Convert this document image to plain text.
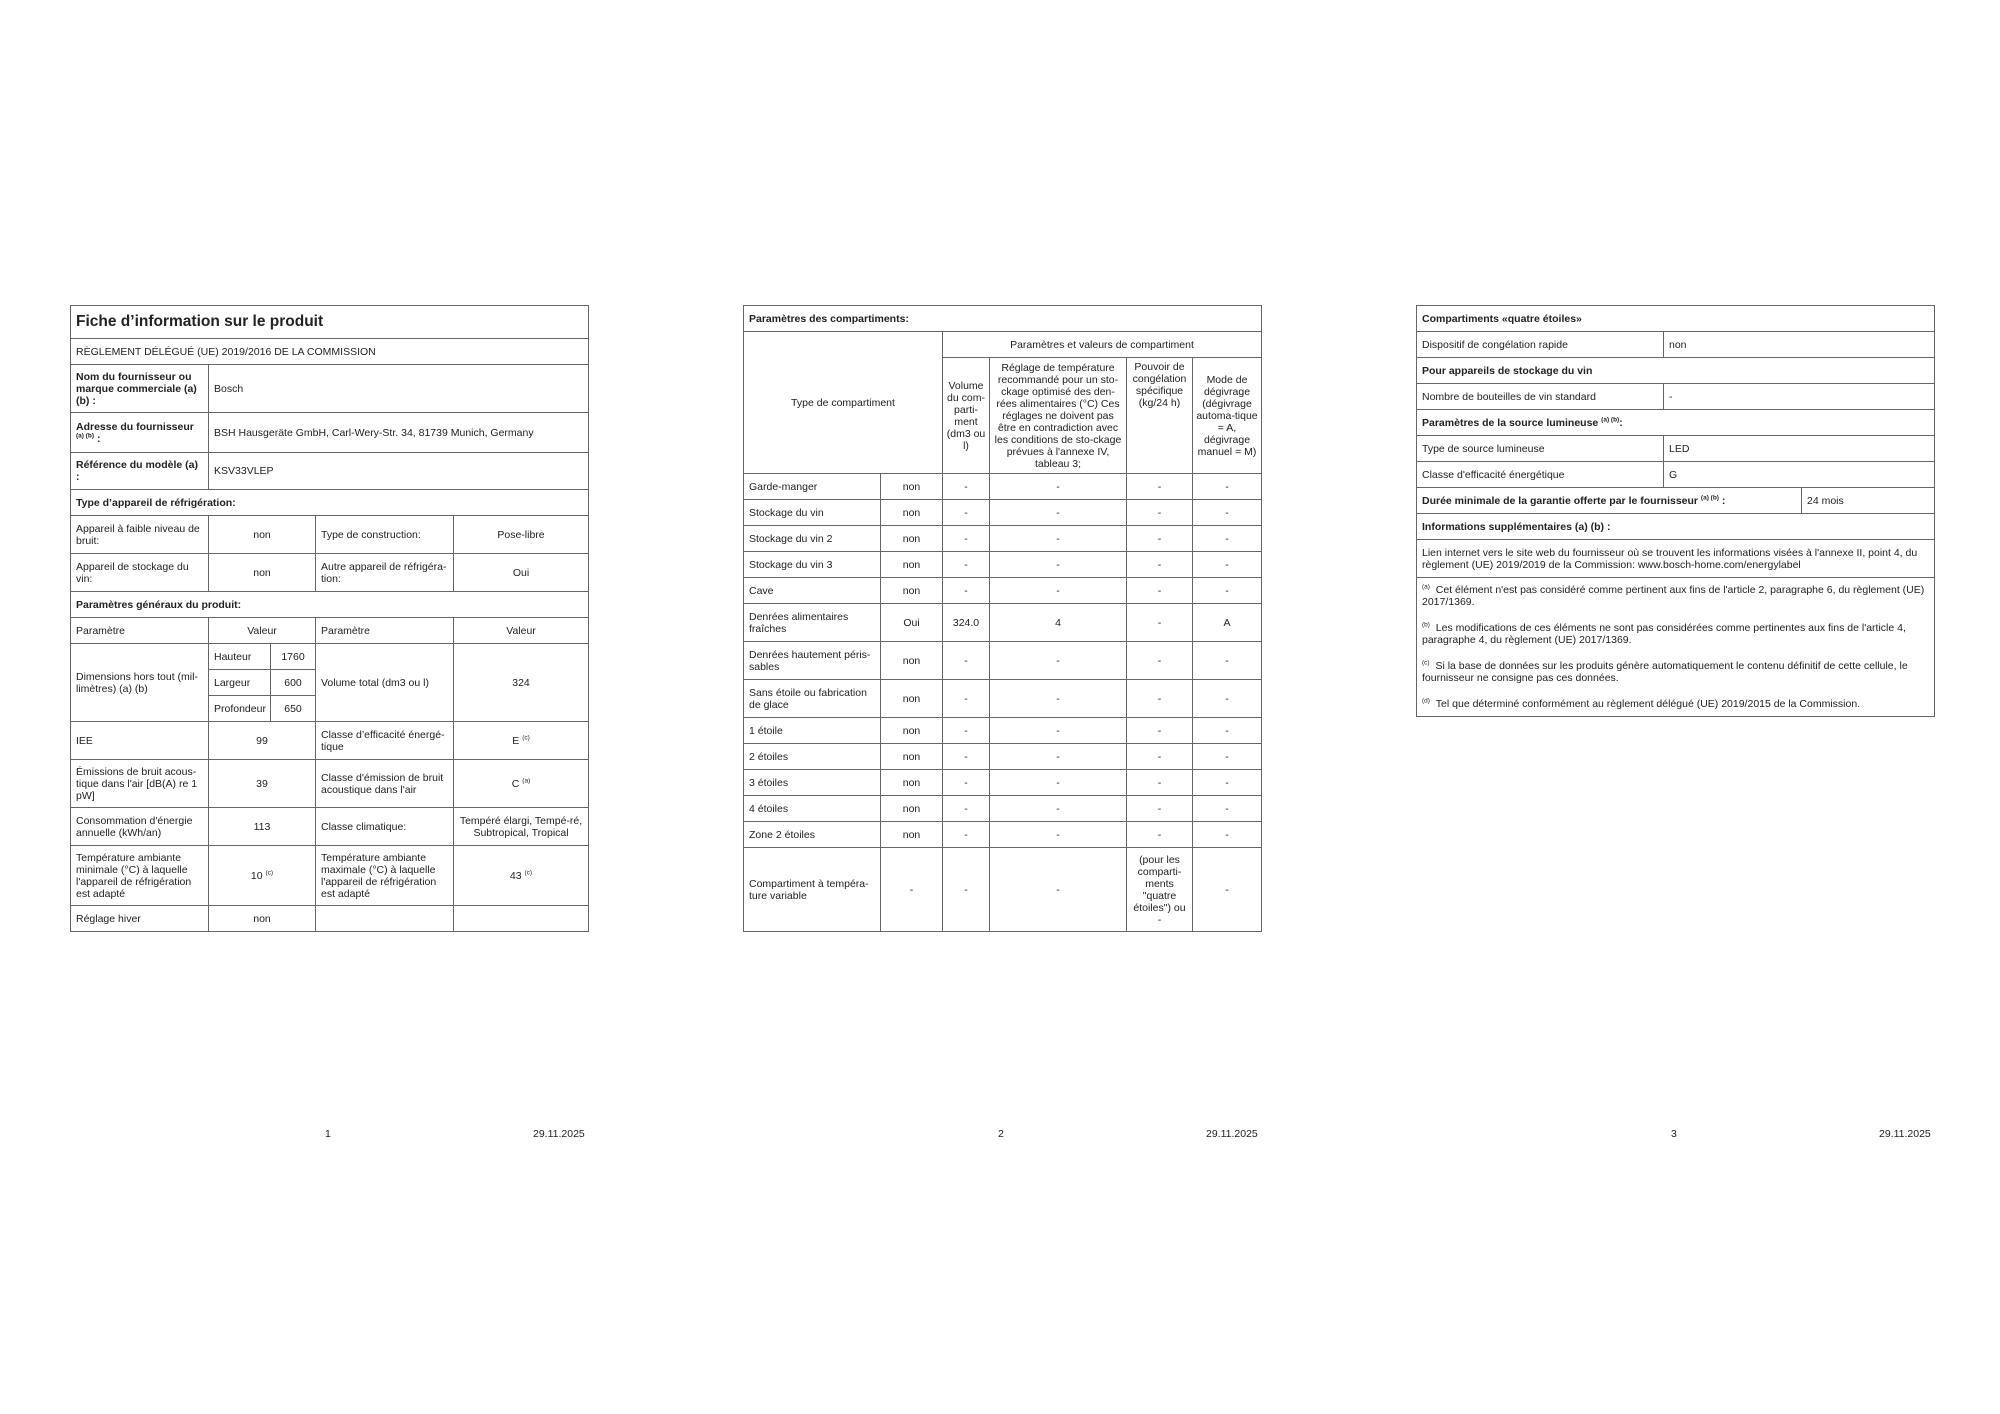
Fiche d’information sur le produit				
RÈGLEMENT DÉLÉGUÉ (UE) 2019/2016 DE LA COMMISSION				
Nom du fournisseur ou marque commerciale (a) (b) :	Bosch			
Adresse du fournisseur $^{(a) (b)}$ :	BSH Hausgeräte GmbH, Carl-Wery-Str. 34, 81739 Munich, Germany			
Référence du modèle (a) :	KSV33VLEP			
Type d’appareil de réfrigération:				
Appareil à faible niveau de bruit:	non		Type de construction:	Pose-libre
Appareil de stockage du vin:	non		Autre appareil de réfrigéra-tion:	Oui
Paramètres généraux du produit:				
Paramètre	Valeur		Paramètre	Valeur
Dimensions hors tout (mil-limètres) (a) (b)	Hauteur	1760	Volume total (dm3 ou l)	324
	Largeur	600		
	Profondeur	650		
IEE	99		Classe d’efficacité énergé-tique	E $^{(c)}$
Émissions de bruit acous-tique dans l'air [dB(A) re 1 pW]	39		Classe d'émission de bruit acoustique dans l'air	C $^{(a)}$
Consommation d'énergie annuelle (kWh/an)	113		Classe climatique:	Tempéré élargi, Tempé-ré, Subtropical, Tropical
Température ambiante minimale (°C) à laquelle l'appareil de réfrigération est adapté	10 $^{(c)}$		Température ambiante maximale (°C) à laquelle l'appareil de réfrigération est adapté	43 $^{(c)}$
Réglage hiver	non			
1	29.11.2025
Paramètres des compartiments:					
Type de compartiment		Paramètres et valeurs de compartiment			
		Volume du com-parti-ment (dm3 ou l)	Réglage de température recommandé pour un sto-ckage optimisé des den-rées alimentaires (°C) Ces réglages ne doivent pas être en contradiction avec les conditions de sto-ckage prévues à l'annexe IV, tableau 3;	Pouvoir de congélation spécifique (kg/24 h)	Mode de dégivrage (dégivrage automa-tique = A, dégivrage manuel = M)
Garde-manger	non	-	-	-	-
Stockage du vin	non	-	-	-	-
Stockage du vin 2	non	-	-	-	-
Stockage du vin 3	non	-	-	-	-
Cave	non	-	-	-	-
Denrées alimentaires fraîches	Oui	324.0	4	-	A
Denrées hautement péris-sables	non	-	-	-	-
Sans étoile ou fabrication de glace	non	-	-	-	-
1 étoile	non	-	-	-	-
2 étoiles	non	-	-	-	-
3 étoiles	non	-	-	-	-
4 étoiles	non	-	-	-	-
Zone 2 étoiles	non	-	-	-	-
Compartiment à tempéra-ture variable	-	-	-	(pour les comparti-ments "quatre étoiles") ou -	-
2	29.11.2025
Compartiments «quatre étoiles»		
Dispositif de congélation rapide	non	
Pour appareils de stockage du vin		
Nombre de bouteilles de vin standard	-	
Paramètres de la source lumineuse $^{(a) (b)}$:		
Type de source lumineuse	LED	
Classe d'efficacité énergétique	G	
Durée minimale de la garantie offerte par le fournisseur $^{(a) (b)}$ :		24 mois
Informations supplémentaires (a) (b) :		
Lien internet vers le site web du fournisseur où se trouvent les informations visées à l'annexe II, point 4, du règlement (UE) 2019/2019 de la Commission: www.bosch-home.com/energylabel		

$^{(a)}$ Cet élément n'est pas considéré comme pertinent aux fins de l'article 2, paragraphe 6, du règlement (UE) 2017/1369.
$^{(b)}$ Les modifications de ces éléments ne sont pas considérées comme pertinentes aux fins de l'article 4, paragraphe 4, du règlement (UE) 2017/1369.
$^{(c)}$ Si la base de données sur les produits génère automatiquement le contenu définitif de cette cellule, le fournisseur ne consigne pas ces données.
$^{(d)}$ Tel que déterminé conformément au règlement délégué (UE) 2019/2015 de la Commission.		
3	29.11.2025
